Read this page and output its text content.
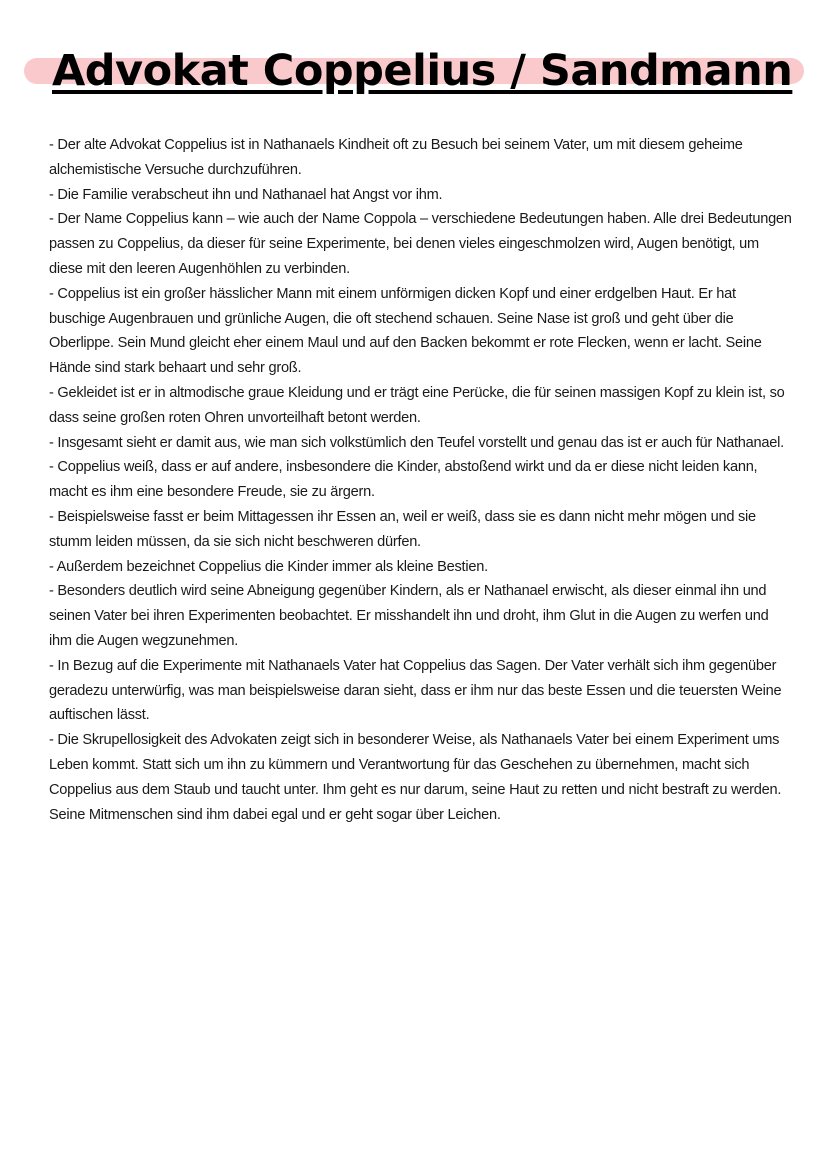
Advokat Coppelius / Sandmann
- Der alte Advokat Coppelius ist in Nathanaels Kindheit oft zu Besuch bei seinem Vater, um mit diesem geheime alchemistische Versuche durchzuführen.
- Die Familie verabscheut ihn und Nathanael hat Angst vor ihm.
- Der Name Coppelius kann – wie auch der Name Coppola – verschiedene Bedeutungen haben. Alle drei Bedeutungen passen zu Coppelius, da dieser für seine Experimente, bei denen vieles eingeschmolzen wird, Augen benötigt, um diese mit den leeren Augenhöhlen zu verbinden.
- Coppelius ist ein großer hässlicher Mann mit einem unförmigen dicken Kopf und einer erdgelben Haut. Er hat buschige Augenbrauen und grünliche Augen, die oft stechend schauen. Seine Nase ist groß und geht über die Oberlippe. Sein Mund gleicht eher einem Maul und auf den Backen bekommt er rote Flecken, wenn er lacht. Seine Hände sind stark behaart und sehr groß.
- Gekleidet ist er in altmodische graue Kleidung und er trägt eine Perücke, die für seinen massigen Kopf zu klein ist, so dass seine großen roten Ohren unvorteilhaft betont werden.
- Insgesamt sieht er damit aus, wie man sich volkstümlich den Teufel vorstellt und genau das ist er auch für Nathanael.
- Coppelius weiß, dass er auf andere, insbesondere die Kinder, abstoßend wirkt und da er diese nicht leiden kann, macht es ihm eine besondere Freude, sie zu ärgern.
- Beispielsweise fasst er beim Mittagessen ihr Essen an, weil er weiß, dass sie es dann nicht mehr mögen und sie stumm leiden müssen, da sie sich nicht beschweren dürfen.
- Außerdem bezeichnet Coppelius die Kinder immer als kleine Bestien.
- Besonders deutlich wird seine Abneigung gegenüber Kindern, als er Nathanael erwischt, als dieser einmal ihn und seinen Vater bei ihren Experimenten beobachtet. Er misshandelt ihn und droht, ihm Glut in die Augen zu werfen und ihm die Augen wegzunehmen.
- In Bezug auf die Experimente mit Nathanaels Vater hat Coppelius das Sagen. Der Vater verhält sich ihm gegenüber geradezu unterwürfig, was man beispielsweise daran sieht, dass er ihm nur das beste Essen und die teuersten Weine auftischen lässt.
- Die Skrupellosigkeit des Advokaten zeigt sich in besonderer Weise, als Nathanaels Vater bei einem Experiment ums Leben kommt. Statt sich um ihn zu kümmern und Verantwortung für das Geschehen zu übernehmen, macht sich Coppelius aus dem Staub und taucht unter. Ihm geht es nur darum, seine Haut zu retten und nicht bestraft zu werden. Seine Mitmenschen sind ihm dabei egal und er geht sogar über Leichen.
